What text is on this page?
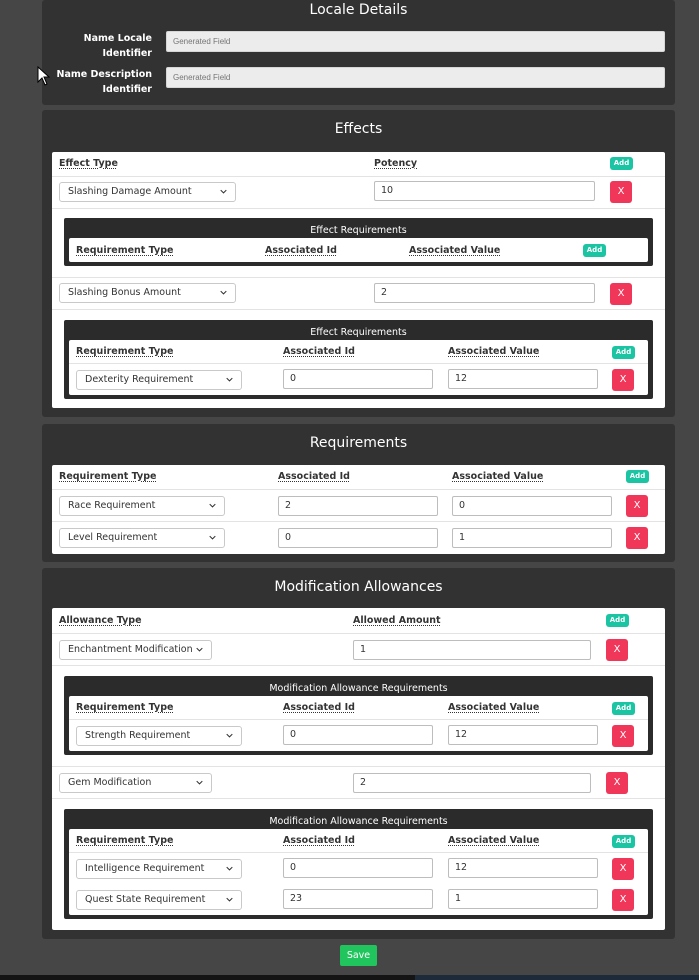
Locale Details
Name Locale
Identifier
Generated Field
Name Description
Identifier
Generated Field
Effects
Effect Type	Potency	Add
Slashing Damage Amount	10	X
Effect Requirements
Requirement Type	Associated Id	Associated Value	Add
Slashing Bonus Amount	2	X
Effect Requirements
Requirement Type	Associated Id	Associated Value	Add
Dexterity Requirement	0	12	X
Requirements
Requirement Type	Associated Id	Associated Value	Add
Race Requirement	2	0	X
Level Requirement	0	1	X
Modification Allowances
Allowance Type	Allowed Amount	Add
Enchantment Modification	1	X
Modification Allowance Requirements
Requirement Type	Associated Id	Associated Value	Add
Strength Requirement	0	12	X
Gem Modification	2	X
Modification Allowance Requirements
Requirement Type	Associated Id	Associated Value	Add
Intelligence Requirement	0	12	X
Quest State Requirement	23	1	X
Save
